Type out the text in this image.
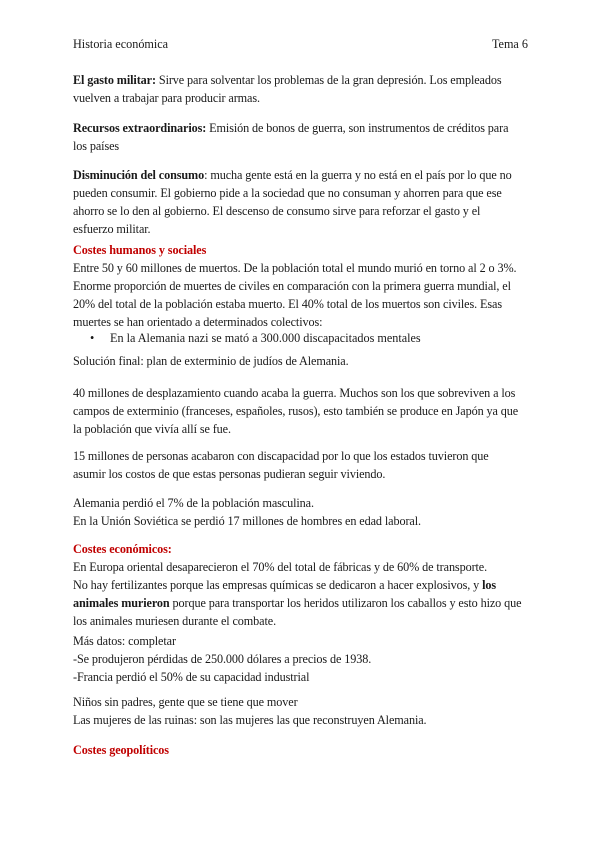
Historia económica	Tema 6
El gasto militar: Sirve para solventar los problemas de la gran depresión. Los empleados
vuelven a trabajar para producir armas.
Recursos extraordinarios: Emisión de bonos de guerra, son instrumentos de créditos para
los países
Disminución del consumo: mucha gente está en la guerra y no está en el país por lo que no
pueden consumir. El gobierno pide a la sociedad que no consuman y ahorren para que ese
ahorro se lo den al gobierno. El descenso de consumo sirve para reforzar el gasto y el
esfuerzo militar.
Costes humanos y sociales
Entre 50 y 60 millones de muertos. De la población total el mundo murió en torno al 2 o 3%.
Enorme proporción de muertes de civiles en comparación con la primera guerra mundial, el
20% del total de la población estaba muerto. El 40% total de los muertos son civiles. Esas
muertes se han orientado a determinados colectivos:
• En la Alemania nazi se mató a 300.000 discapacitados mentales
Solución final: plan de exterminio de judíos de Alemania.
40 millones de desplazamiento cuando acaba la guerra. Muchos son los que sobreviven a los
campos de exterminio (franceses, españoles, rusos), esto también se produce en Japón ya que
la población que vivía allí se fue.
15 millones de personas acabaron con discapacidad por lo que los estados tuvieron que
asumir los costos de que estas personas pudieran seguir viviendo.
Alemania perdió el 7% de la población masculina.
En la Unión Soviética se perdió 17 millones de hombres en edad laboral.
Costes económicos:
En Europa oriental desaparecieron el 70% del total de fábricas y de 60% de transporte.
No hay fertilizantes porque las empresas químicas se dedicaron a hacer explosivos, y los
animales murieron porque para transportar los heridos utilizaron los caballos y esto hizo que
los animales muriesen durante el combate.
Más datos: completar
-Se produjeron pérdidas de 250.000 dólares a precios de 1938.
-Francia perdió el 50% de su capacidad industrial
Niños sin padres, gente que se tiene que mover
Las mujeres de las ruinas: son las mujeres las que reconstruyen Alemania.
Costes geopolíticos
